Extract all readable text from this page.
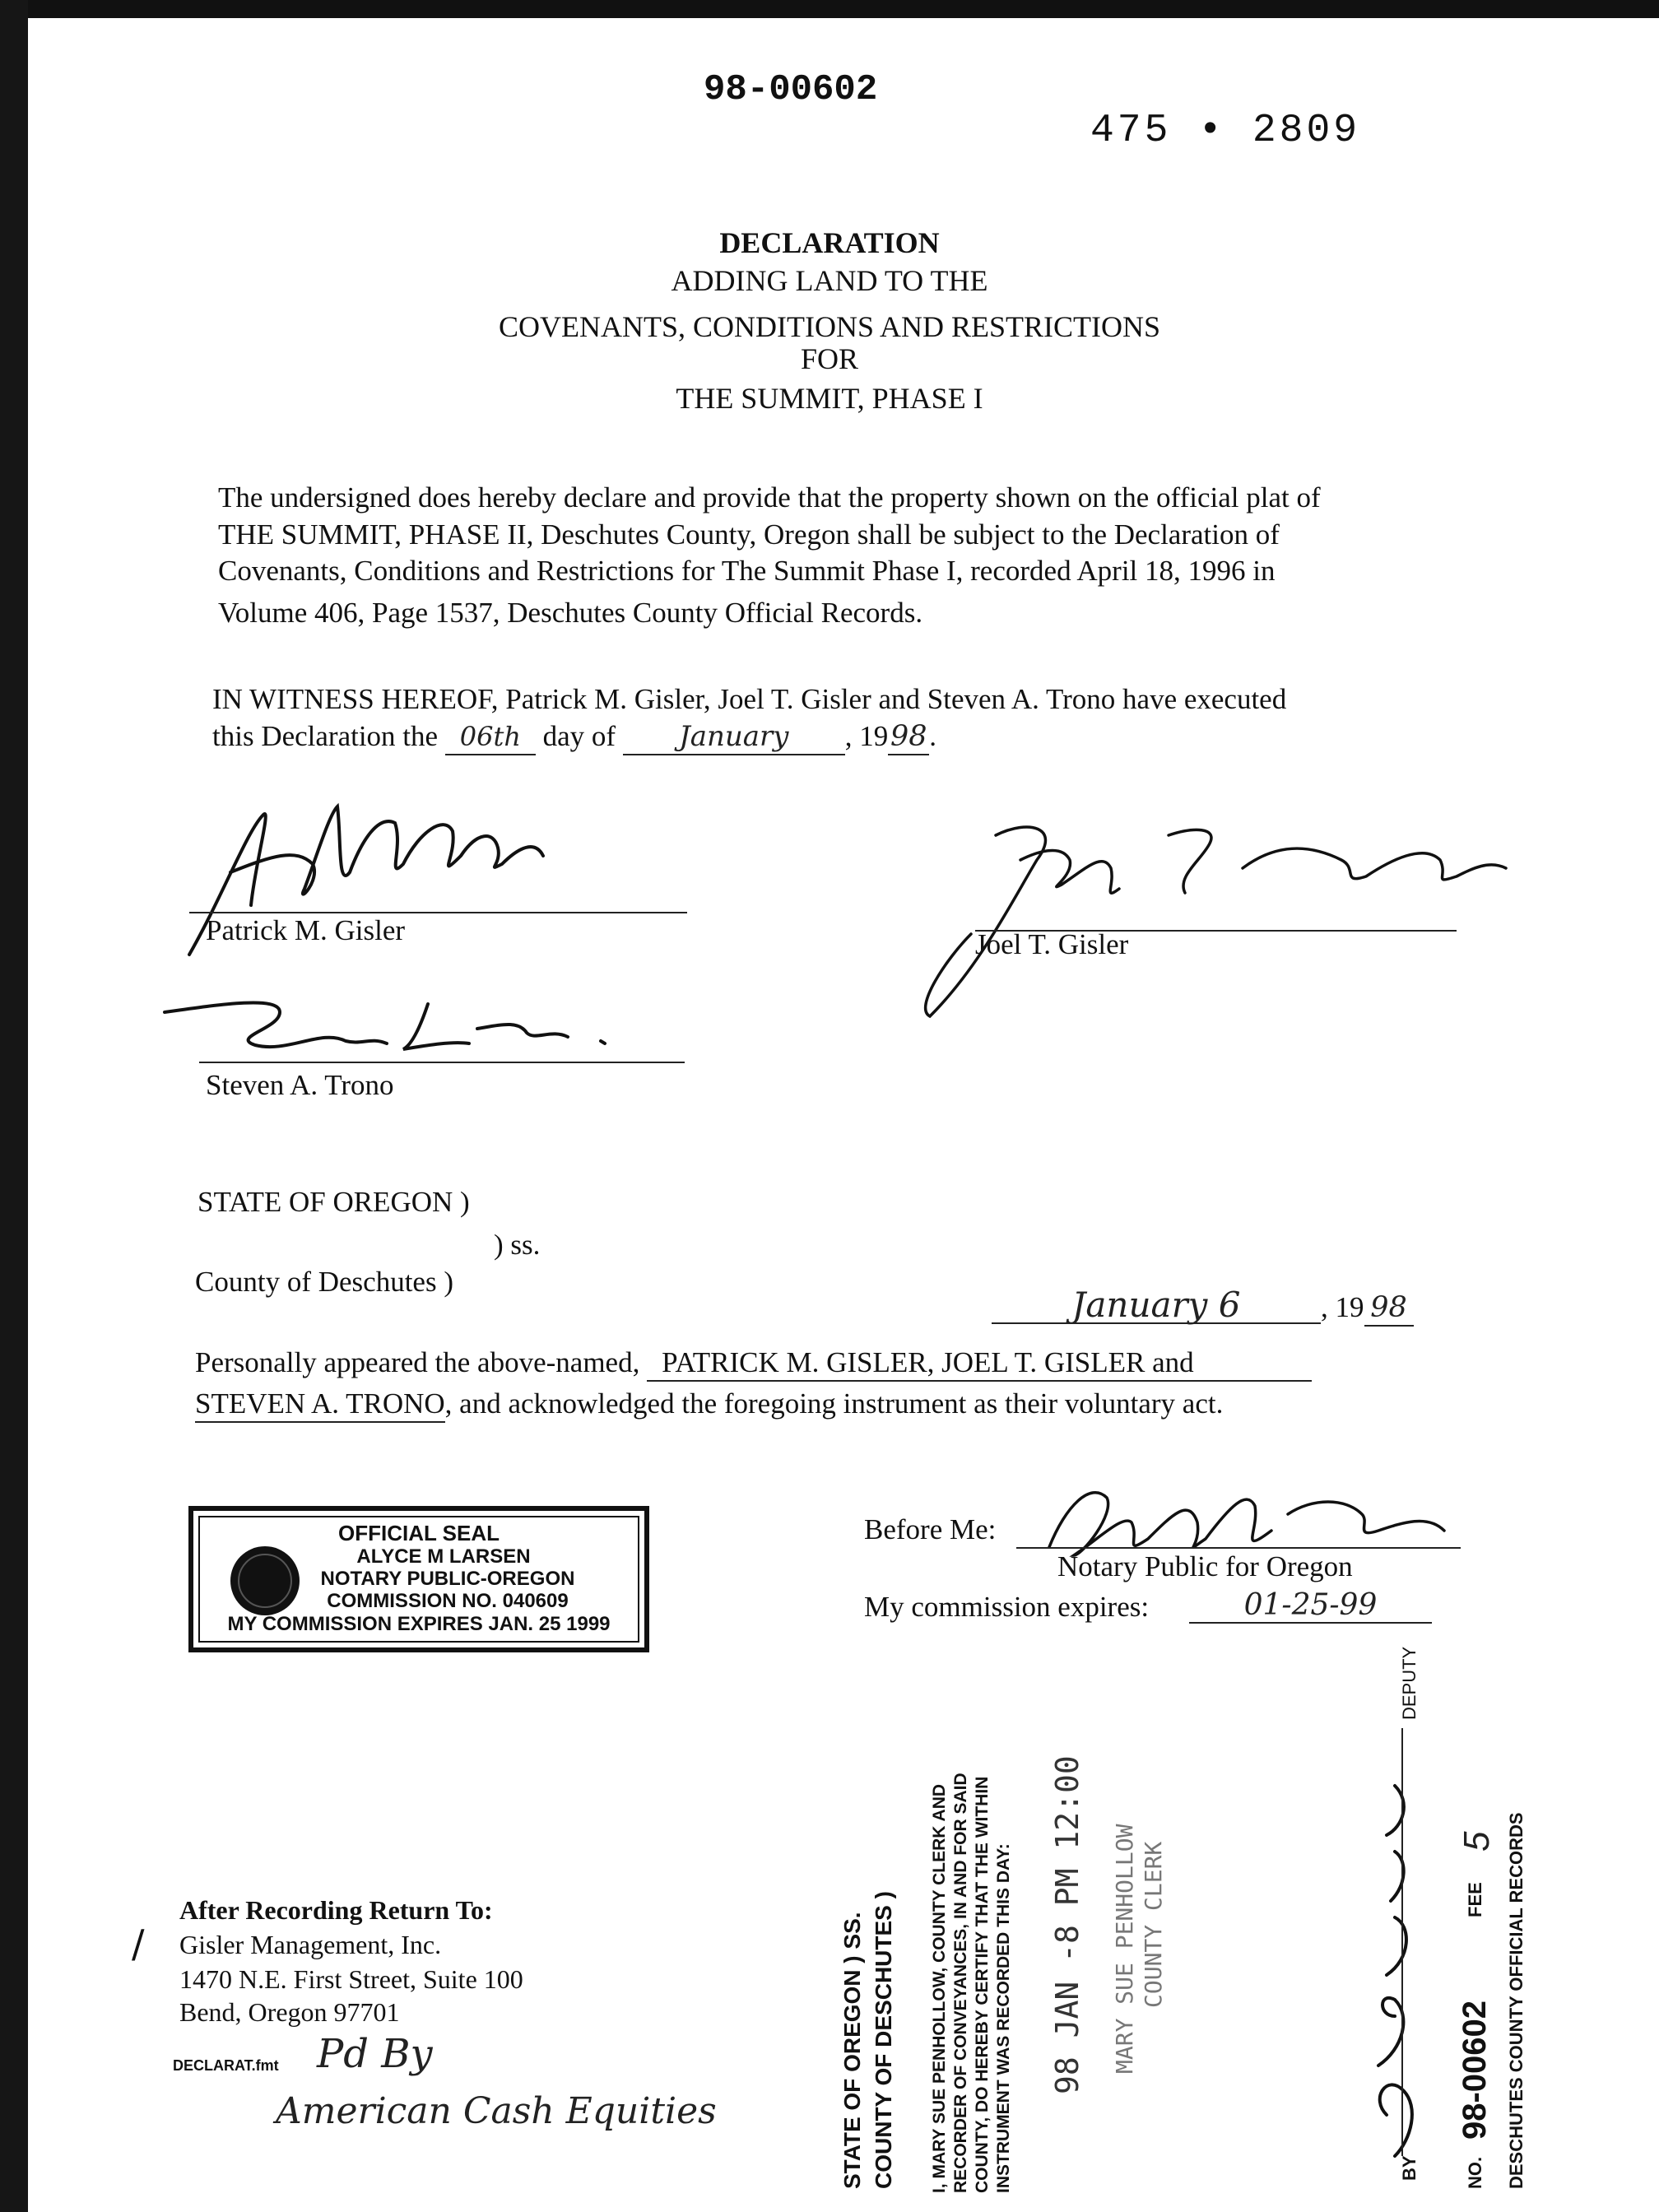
98-00602
475 • 2809
DECLARATION
ADDING LAND TO THE
COVENANTS, CONDITIONS AND RESTRICTIONS
FOR
THE SUMMIT, PHASE I
The undersigned does hereby declare and provide that the property shown on the official plat of
THE SUMMIT, PHASE II, Deschutes County, Oregon shall be subject to the Declaration of
Covenants, Conditions and Restrictions for The Summit Phase I, recorded April 18, 1996 in
Volume 406, Page 1537, Deschutes County Official Records.
IN WITNESS HEREOF, Patrick M. Gisler, Joel T. Gisler and Steven A. Trono have executed
this Declaration the 06th day of January , 1998.
Patrick M. Gisler	Joel T. Gisler
Steven A. Trono
STATE OF OREGON )
) ss.
County of Deschutes )
January 6	, 19 98
Personally appeared the above-named, PATRICK M. GISLER, JOEL T. GISLER and
STEVEN A. TRONO, and acknowledged the foregoing instrument as their voluntary act.
OFFICIAL SEAL
ALYCE M LARSEN
NOTARY PUBLIC-OREGON
COMMISSION NO. 040609
MY COMMISSION EXPIRES JAN. 25 1999
Before Me:
Notary Public for Oregon
My commission expires:	01-25-99
After Recording Return To:
/ Gisler Management, Inc.
1470 N.E. First Street, Suite 100
Bend, Oregon 97701
DECLARAT.fmt Pd By
American Cash Equities	STATE OF OREGON ) SS. COUNTY OF DESCHUTES ) I, MARY SUE PENHOLLOW, COUNTY CLERK AND RECORDER OF CONVEYANCES, IN AND FOR SAID COUNTY, DO HEREBY CERTIFY THAT THE WITHIN INSTRUMENT WAS RECORDED THIS DAY: 98 JAN -8 PM 12:00 MARY SUE PENHOLLOW COUNTY CLERK
BY
DEPUTY
NO.
98-00602
FEE
5 DESCHUTES COUNTY OFFICIAL RECORDS
